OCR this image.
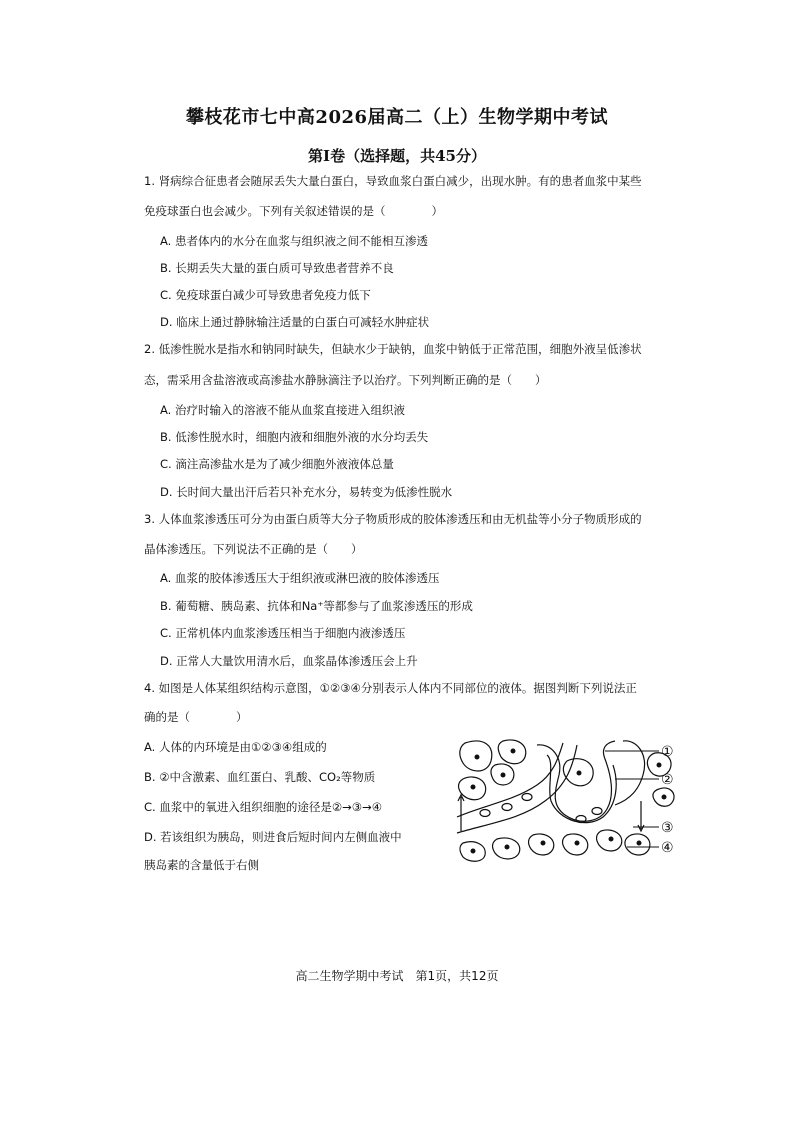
攀枝花市七中高2026届高二（上）生物学期中考试
第Ⅰ卷（选择题，共45分）
1. 肾病综合征患者会随尿丢失大量白蛋白，导致血浆白蛋白减少，出现水肿。有的患者血浆中某些
免疫球蛋白也会减少。下列有关叙述错误的是（　　　　）
A. 患者体内的水分在血浆与组织液之间不能相互渗透
B. 长期丢失大量的蛋白质可导致患者营养不良
C. 免疫球蛋白减少可导致患者免疫力低下
D. 临床上通过静脉输注适量的白蛋白可减轻水肿症状
2. 低渗性脱水是指水和钠同时缺失，但缺水少于缺钠，血浆中钠低于正常范围，细胞外液呈低渗状
态，需采用含盐溶液或高渗盐水静脉滴注予以治疗。下列判断正确的是（　　）
A. 治疗时输入的溶液不能从血浆直接进入组织液
B. 低渗性脱水时，细胞内液和细胞外液的水分均丢失
C. 滴注高渗盐水是为了减少细胞外液液体总量
D. 长时间大量出汗后若只补充水分，易转变为低渗性脱水
3. 人体血浆渗透压可分为由蛋白质等大分子物质形成的胶体渗透压和由无机盐等小分子物质形成的
晶体渗透压。下列说法不正确的是（　　）
A. 血浆的胶体渗透压大于组织液或淋巴液的胶体渗透压
B. 葡萄糖、胰岛素、抗体和Na⁺等都参与了血浆渗透压的形成
C. 正常机体内血浆渗透压相当于细胞内液渗透压
D. 正常人大量饮用清水后，血浆晶体渗透压会上升
4. 如图是人体某组织结构示意图，①②③④分别表示人体内不同部位的液体。据图判断下列说法正
确的是（　　　　）
A. 人体的内环境是由①②③④组成的
B. ②中含激素、血红蛋白、乳酸、CO₂等物质
C. 血浆中的氧进入组织细胞的途径是②→③→④
D. 若该组织为胰岛，则进食后短时间内左侧血液中
胰岛素的含量低于右侧
①
②
③
④
高二生物学期中考试　第1页，共12页
